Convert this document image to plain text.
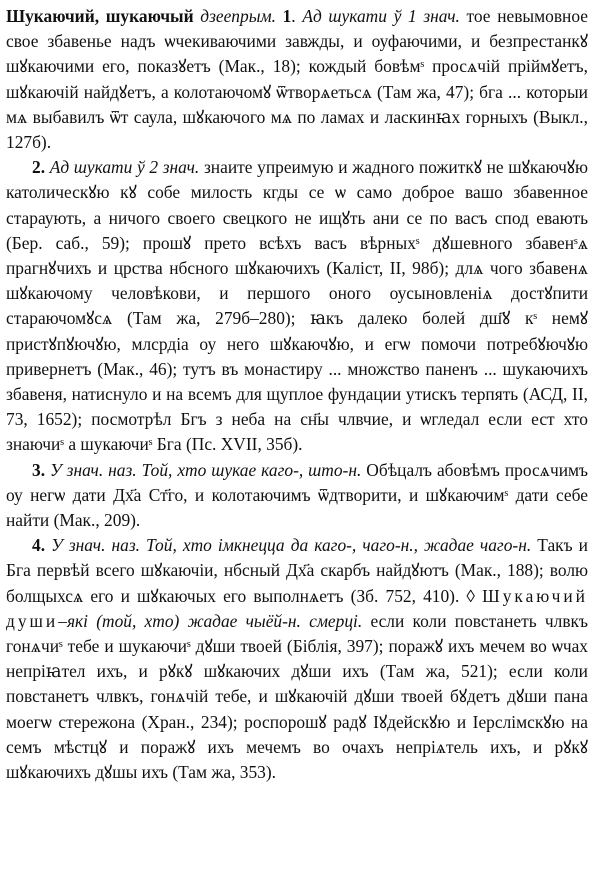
Шукаючий, шукаючый дзеепрым. 1. Ад шукати ў 1 знач. тое невымовное свое збавенье надъ ѡчекиваючими завжды, и оуфаючими, и безпрестанкꙋ шꙋкаючими его, показꙋетъ (Мак., 18); кождый бовѣмˢ просѧчій пріймꙋетъ, шꙋкаючій найдꙋетъ, а колотаючомꙋ ѿтворѧетьсѧ (Там жа, 47); бга ... которыи мѧ выбавилъ ѿт саула, шꙋкаючого мѧ по ламах и ласкинꙗх горныхъ (Выкл., 127б).

2. Ад шукати ў 2 знач. знаите упреимую и жадного пожиткꙋ не шꙋкаючꙋю католическꙋю кꙋ собе милость кгды се ѡ само доброе вашо збавенное стараують, а ничого своего свецкого не ищꙋть ани се по васъ спод евають (Бер. саб., 59); прошꙋ прето всѣхъ васъ вѣрныхˢ дꙋшевного збавенˢѧ прагнꙋчихъ и црства нбсного шꙋкаючихъ (Каліст, II, 98б); длѧ чого збавенѧ шꙋкаючому человѣкови, и першого оного оусыновленіѧ достꙋпити стараючомꙋсѧ (Там жа, 279б–280); ꙗкъ далеко болей дш҃ꙋ кˢ немꙋ пристꙋпꙋючꙋю, млсрдіа оу него шꙋкаючꙋю, и егѡ помочи потребꙋючꙋю привернетъ (Мак., 46); тутъ въ монастиру ... множство паненъ ... шукаючихъ збавеня, натиснуло и на всемъ для щуплое фундации утискъ терпять (АСД, II, 73, 1652); посмотрѣл Бгъ з неба на сн҃ы члвчие, и ѡгледал если ест хто знаючиˢ а шукаючиˢ Бга (Пс. XVII, 35б).

3. У знач. наз. Той, хто шукае каго-, што-н. Обѣцалъ абовѣмъ просѧчимъ оу негѡ дати Дх҃а Ст҃го, и колотаючимъ ѿдтворити, и шꙋкаючимˢ дати себе найти (Мак., 209).

4. У знач. наз. Той, хто імкнецца да каго-, чаго-н., жадае чаго-н. Такъ и Бга первѣй всего шꙋкаючіи, нбсный Дх҃а скарбъ найдꙋютъ (Мак., 188); волю болщыхсѧ его и шꙋкаючых его выполнѧетъ (Зб. 752, 410). ◊ Шукаючий души–які (той, хто) жадае чыёй-н. смерці. если коли повстанеть члвкъ гонѧчиˢ тебе и шукаючиˢ дꙋши твоей (Біблія, 397); поражꙋ ихъ мечем во ѡчах непріꙗтел ихъ, и рꙋкꙋ шꙋкаючих дꙋши ихъ (Там жа, 521); если коли повстанетъ члвкъ, гонѧчій тебе, и шꙋкаючій дꙋши твоей бꙋдетъ дꙋши пана моегѡ стережона (Хран., 234); роспорошꙋ радꙋ Іꙋдейскꙋю и Іерслімскꙋю на семъ мѣстцꙋ и поражꙋ ихъ мечемъ во очахъ непріѧтель ихъ, и рꙋкꙋ шꙋкаючихъ дꙋшы ихъ (Там жа, 353).
